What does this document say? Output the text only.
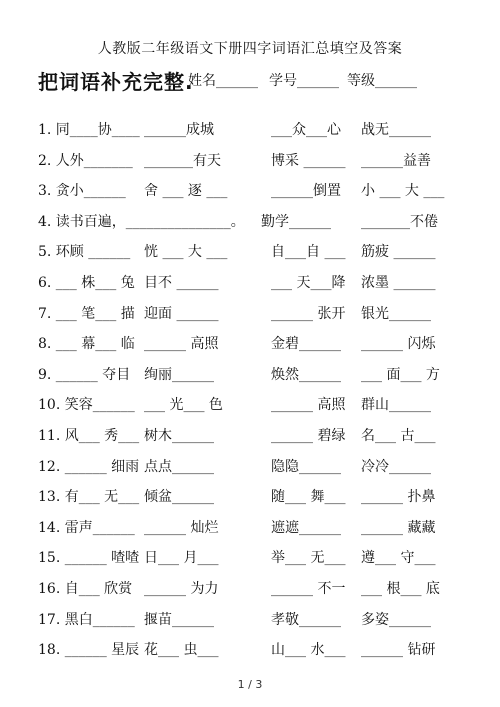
人教版二年级语文下册四字词语汇总填空及答案
把词语补充完整.
姓名______ 学号______ 等级______
1. 同____协____ ______成城	___众___心 战无______
2. 人外_______ _______有天	博采 ______ ______益善
3. 贪小______ 舍 ___ 逐 ___	______倒置 小 ___ 大 ___
4. 读书百遍，_______________。 勤学______ _______不倦
5. 环顾 ______ 恍 ___ 大 ___	自___自 ___ 筋疲 ______
6. ___ 株___ 兔 目不 ______	___ 天___降 浓墨 ______
7. ___ 笔___ 描 迎面 ______	______ 张开 银光______
8. ___ 幕___ 临 ______ 高照	金碧______ ______ 闪烁
9. ______ 夺目 绚丽______	焕然______ ___ 面___ 方
10. 笑容______ ___ 光___ 色	______ 高照 群山______
11. 风___ 秀___ 树木______	______ 碧绿 名___ 古___
12. ______ 细雨 点点______	隐隐______ 冷冷______
13. 有___ 无___ 倾盆______	随___ 舞___ ______ 扑鼻
14. 雷声______ ______ 灿烂	遮遮______ ______ 藏藏
15. ______ 喳喳 日___ 月___	举___ 无___ 遵___ 守___
16. 自___ 欣赏 ______ 为力	______ 不一 ___ 根___ 底
17. 黑白______ 揠苗______	孝敬______ 多姿______
18. ______ 星辰 花___ 虫___	山___ 水___ ______ 钻研
1 / 3
